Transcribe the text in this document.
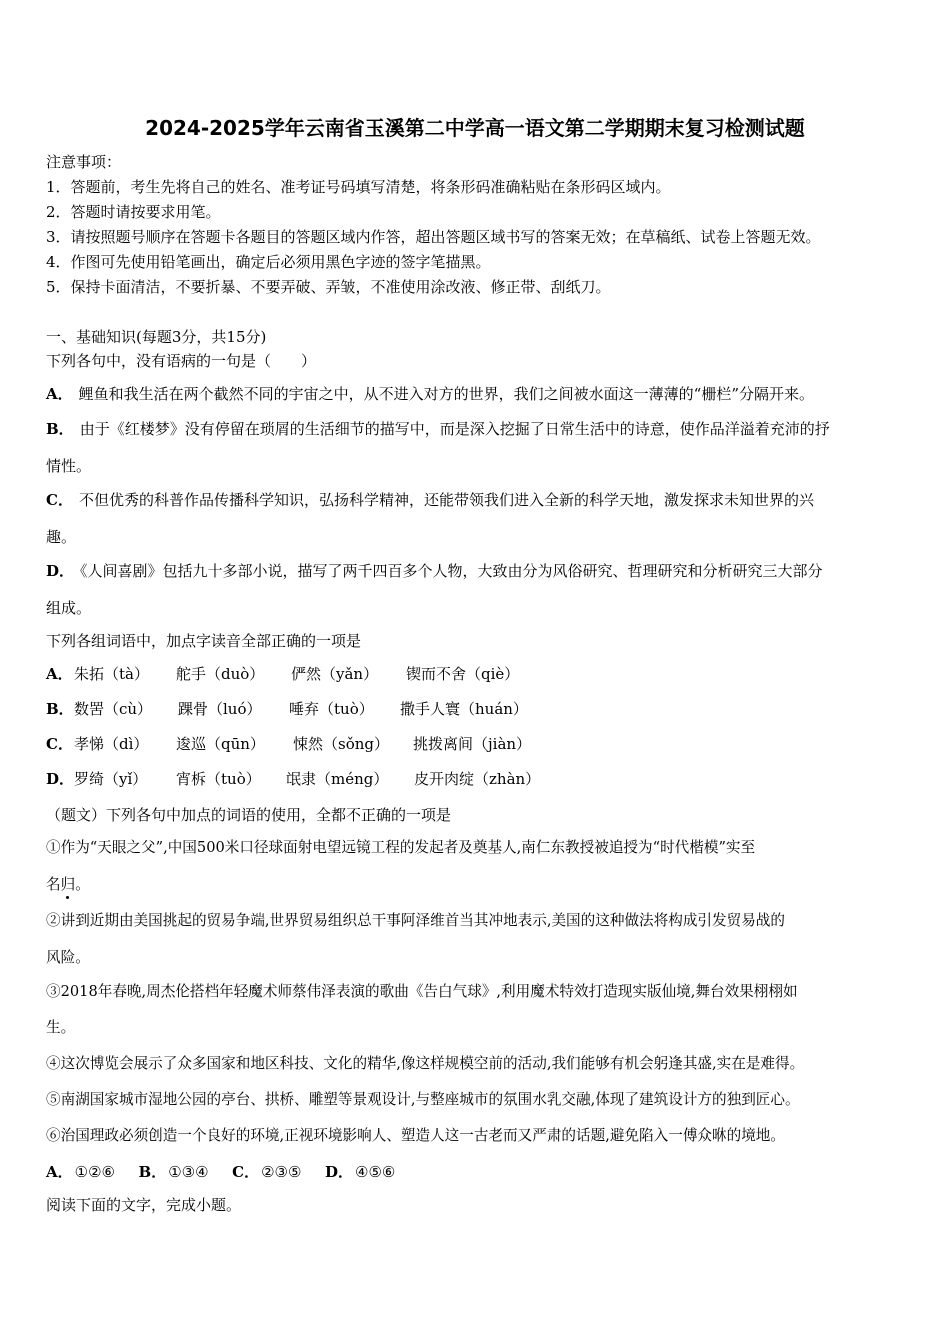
2024-2025学年云南省玉溪第二中学高一语文第二学期期末复习检测试题
注意事项：
1．答题前，考生先将自己的姓名、准考证号码填写清楚，将条形码准确粘贴在条形码区域内。
2．答题时请按要求用笔。
3．请按照题号顺序在答题卡各题目的答题区域内作答，超出答题区域书写的答案无效；在草稿纸、试卷上答题无效。
4．作图可先使用铅笔画出，确定后必须用黑色字迹的签字笔描黑。
5．保持卡面清洁，不要折暴、不要弄破、弄皱，不准使用涂改液、修正带、刮纸刀。
一、基础知识(每题3分，共15分)
下列各句中，没有语病的一句是（　　）
A． 鲤鱼和我生活在两个截然不同的宇宙之中，从不进入对方的世界，我们之间被水面这一薄薄的“栅栏”分隔开来。
B． 由于《红楼梦》没有停留在琐屑的生活细节的描写中，而是深入挖掘了日常生活中的诗意，使作品洋溢着充沛的抒
情性。
C． 不但优秀的科普作品传播科学知识，弘扬科学精神，还能带领我们进入全新的科学天地，激发探求未知世界的兴
趣。
D． 《人间喜剧》包括九十多部小说，描写了两千四百多个人物，大致由分为风俗研究、哲理研究和分析研究三大部分
组成。
下列各组词语中，加点字读音全部正确的一项是
A． 朱拓（tà） 舵手（duò） 俨然（yǎn） 锲而不舍（qiè）
B． 数罟（cù） 踝骨（luó） 唾弃（tuò） 撒手人寰（huán）
C． 孝悌（dì） 逡巡（qūn） 悚然（sǒng） 挑拨离间（jiàn）
D． 罗绮（yǐ） 宵柝（tuò） 氓隶（méng） 皮开肉绽（zhàn）
（题文）下列各句中加点的词语的使用，全都不正确的一项是
①作为“天眼之父”,中国500米口径球面射电望远镜工程的发起者及奠基人,南仁东教授被追授为“时代楷模”实至
名归。
②讲到近期由美国挑起的贸易争端,世界贸易组织总干事阿泽维首当其冲地表示,美国的这种做法将构成引发贸易战的
风险。
③2018年春晚,周杰伦搭档年轻魔术师蔡伟泽表演的歌曲《告白气球》,利用魔术特效打造现实版仙境,舞台效果栩栩如
生。
④这次博览会展示了众多国家和地区科技、文化的精华,像这样规模空前的活动,我们能够有机会躬逢其盛,实在是难得。
⑤南湖国家城市湿地公园的亭台、拱桥、雕塑等景观设计,与整座城市的氛围水乳交融,体现了建筑设计方的独到匠心。
⑥治国理政必须创造一个良好的环境,正视环境影响人、塑造人这一古老而又严肃的话题,避免陷入一傅众咻的境地。
A． ①②⑥ B． ①③④ C． ②③⑤ D． ④⑤⑥
阅读下面的文字，完成小题。
